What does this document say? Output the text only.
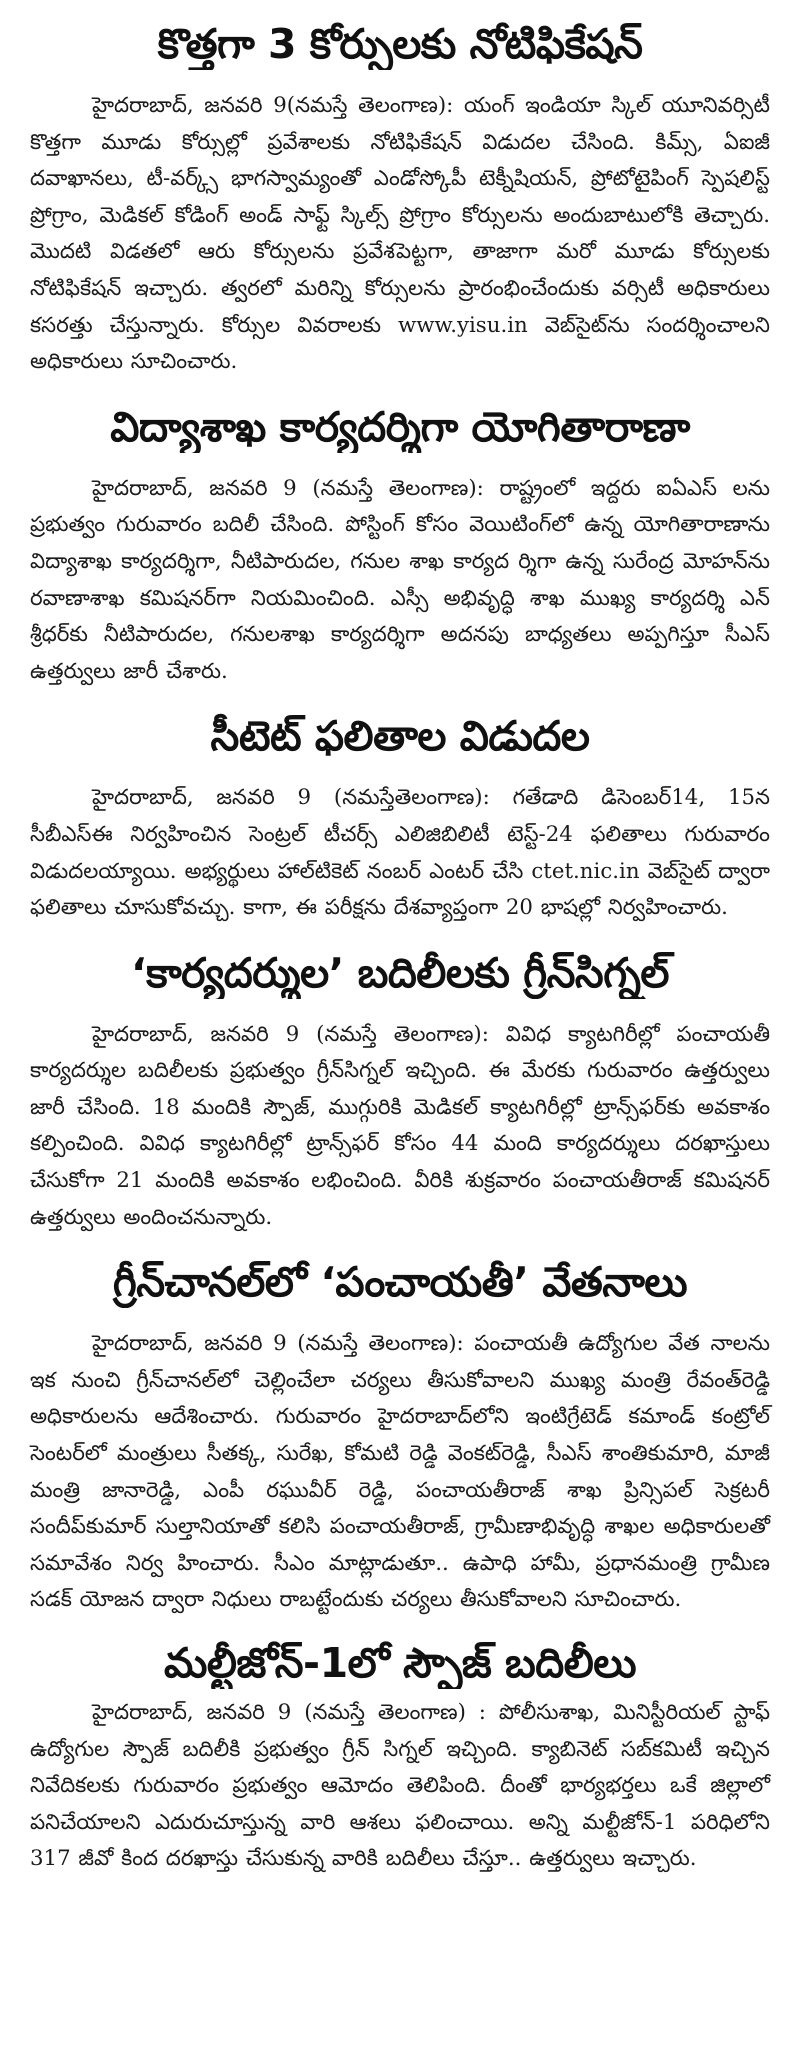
కొత్తగా 3 కోర్సులకు నోటిఫికేషన్

హైదరాబాద్, జనవరి 9(నమస్తే తెలంగాణ): యంగ్ ఇండియా స్కిల్ యూనివర్సిటీ కొత్తగా మూడు కోర్సుల్లో ప్రవేశాలకు నోటిఫికేషన్ విడుదల చేసింది. కిమ్స్, ఏఐజీ దవాఖానలు, టీ-వర్క్స్ భాగస్వామ్యంతో ఎండోస్కోపీ టెక్నీషియన్, ప్రోటోటైపింగ్ స్పెషలిస్ట్ ప్రోగ్రాం, మెడికల్ కోడింగ్ అండ్ సాఫ్ట్ స్కిల్స్ ప్రోగ్రాం కోర్సులను అందుబాటులోకి తెచ్చారు. మొదటి విడతలో ఆరు కోర్సులను ప్రవేశపెట్టగా, తాజాగా మరో మూడు కోర్సులకు నోటిఫికేషన్ ఇచ్చారు. త్వరలో మరిన్ని కోర్సులను ప్రారంభించేందుకు వర్సిటీ అధికారులు కసరత్తు చేస్తున్నారు. కోర్సుల వివరాలకు www.yisu.in వెబ్‌సైట్‌ను సందర్శించాలని అధికారులు సూచించారు.

విద్యాశాఖ కార్యదర్శిగా యోగితారాణా

హైదరాబాద్, జనవరి 9 (నమస్తే తెలంగాణ): రాష్ట్రంలో ఇద్దరు ఐఏఎస్ లను ప్రభుత్వం గురువారం బదిలీ చేసింది. పోస్టింగ్ కోసం వెయిటింగ్‌లో ఉన్న యోగితారాణాను విద్యాశాఖ కార్యదర్శిగా, నీటిపారుదల, గనుల శాఖ కార్యద ర్శిగా ఉన్న సురేంద్ర మోహన్‌ను రవాణాశాఖ కమిషనర్‌గా నియమించింది. ఎస్సీ అభివృద్ధి శాఖ ముఖ్య కార్యదర్శి ఎన్ శ్రీధర్‌కు నీటిపారుదల, గనులశాఖ కార్యదర్శిగా అదనపు బాధ్యతలు అప్పగిస్తూ సీఎస్ ఉత్తర్వులు జారీ చేశారు.

సీటెట్ ఫలితాల విడుదల

హైదరాబాద్, జనవరి 9 (నమస్తేతెలంగాణ): గతేడాది డిసెంబర్14, 15న సీబీఎస్‌ఈ నిర్వహించిన సెంట్రల్ టీచర్స్ ఎలిజిబిలిటీ టెస్ట్-24 ఫలితాలు గురువారం విడుదలయ్యాయి. అభ్యర్థులు హాల్‌టికెట్ నంబర్ ఎంటర్ చేసి ctet.nic.in వెబ్‌సైట్ ద్వారా ఫలితాలు చూసుకోవచ్చు. కాగా, ఈ పరీక్షను దేశవ్యాప్తంగా 20 భాషల్లో నిర్వహించారు.

‘కార్యదర్శుల’ బదిలీలకు గ్రీన్‌సిగ్నల్

హైదరాబాద్, జనవరి 9 (నమస్తే తెలంగాణ): వివిధ క్యాటగిరీల్లో పంచాయతీ కార్యదర్శుల బదిలీలకు ప్రభుత్వం గ్రీన్‌సిగ్నల్ ఇచ్చింది. ఈ మేరకు గురువారం ఉత్తర్వులు జారీ చేసింది. 18 మందికి స్పౌజ్, ముగ్గురికి మెడికల్ క్యాటగిరీల్లో ట్రాన్స్‌ఫర్‌కు అవకాశం కల్పించింది. వివిధ క్యాటగిరీల్లో ట్రాన్స్‌ఫర్ కోసం 44 మంది కార్యదర్శులు దరఖాస్తులు చేసుకోగా 21 మందికి అవకాశం లభించింది. వీరికి శుక్రవారం పంచాయతీరాజ్ కమిషనర్ ఉత్తర్వులు అందించనున్నారు.

గ్రీన్‌చానల్‌లో ‘పంచాయతీ’ వేతనాలు

హైదరాబాద్, జనవరి 9 (నమస్తే తెలంగాణ): పంచాయతీ ఉద్యోగుల వేత నాలను ఇక నుంచి గ్రీన్‌చానల్‌లో చెల్లించేలా చర్యలు తీసుకోవాలని ముఖ్య మంత్రి రేవంత్‌రెడ్డి అధికారులను ఆదేశించారు. గురువారం హైదరాబాద్‌లోని ఇంటిగ్రేటెడ్ కమాండ్ కంట్రోల్ సెంటర్‌లో మంత్రులు సీతక్క, సురేఖ, కోమటి రెడ్డి వెంకట్‌రెడ్డి, సీఎస్ శాంతికుమారి, మాజీ మంత్రి జానారెడ్డి, ఎంపీ రఘువీర్ రెడ్డి, పంచాయతీరాజ్ శాఖ ప్రిన్సిపల్ సెక్రటరీ సందీప్‌కుమార్ సుల్తానియాతో కలిసి పంచాయతీరాజ్, గ్రామీణాభివృద్ధి శాఖల అధికారులతో సమావేశం నిర్వ హించారు. సీఎం మాట్లాడుతూ.. ఉపాధి హామీ, ప్రధానమంత్రి గ్రామీణ సడక్ యోజన ద్వారా నిధులు రాబట్టేందుకు చర్యలు తీసుకోవాలని సూచించారు.

మల్టీజోన్-1లో స్పౌజ్ బదిలీలు

హైదరాబాద్, జనవరి 9 (నమస్తే తెలంగాణ) : పోలీసుశాఖ, మినిస్టీరియల్ స్టాఫ్ ఉద్యోగుల స్పౌజ్ బదిలీకి ప్రభుత్వం గ్రీన్ సిగ్నల్ ఇచ్చింది. క్యాబినెట్ సబ్‌కమిటీ ఇచ్చిన నివేదికలకు గురువారం ప్రభుత్వం ఆమోదం తెలిపింది. దీంతో భార్యభర్తలు ఒకే జిల్లాలో పనిచేయాలని ఎదురుచూస్తున్న వారి ఆశలు ఫలించాయి. అన్ని మల్టీజోన్-1 పరిధిలోని 317 జీవో కింద దరఖాస్తు చేసుకున్న వారికి బదిలీలు చేస్తూ.. ఉత్తర్వులు ఇచ్చారు.
